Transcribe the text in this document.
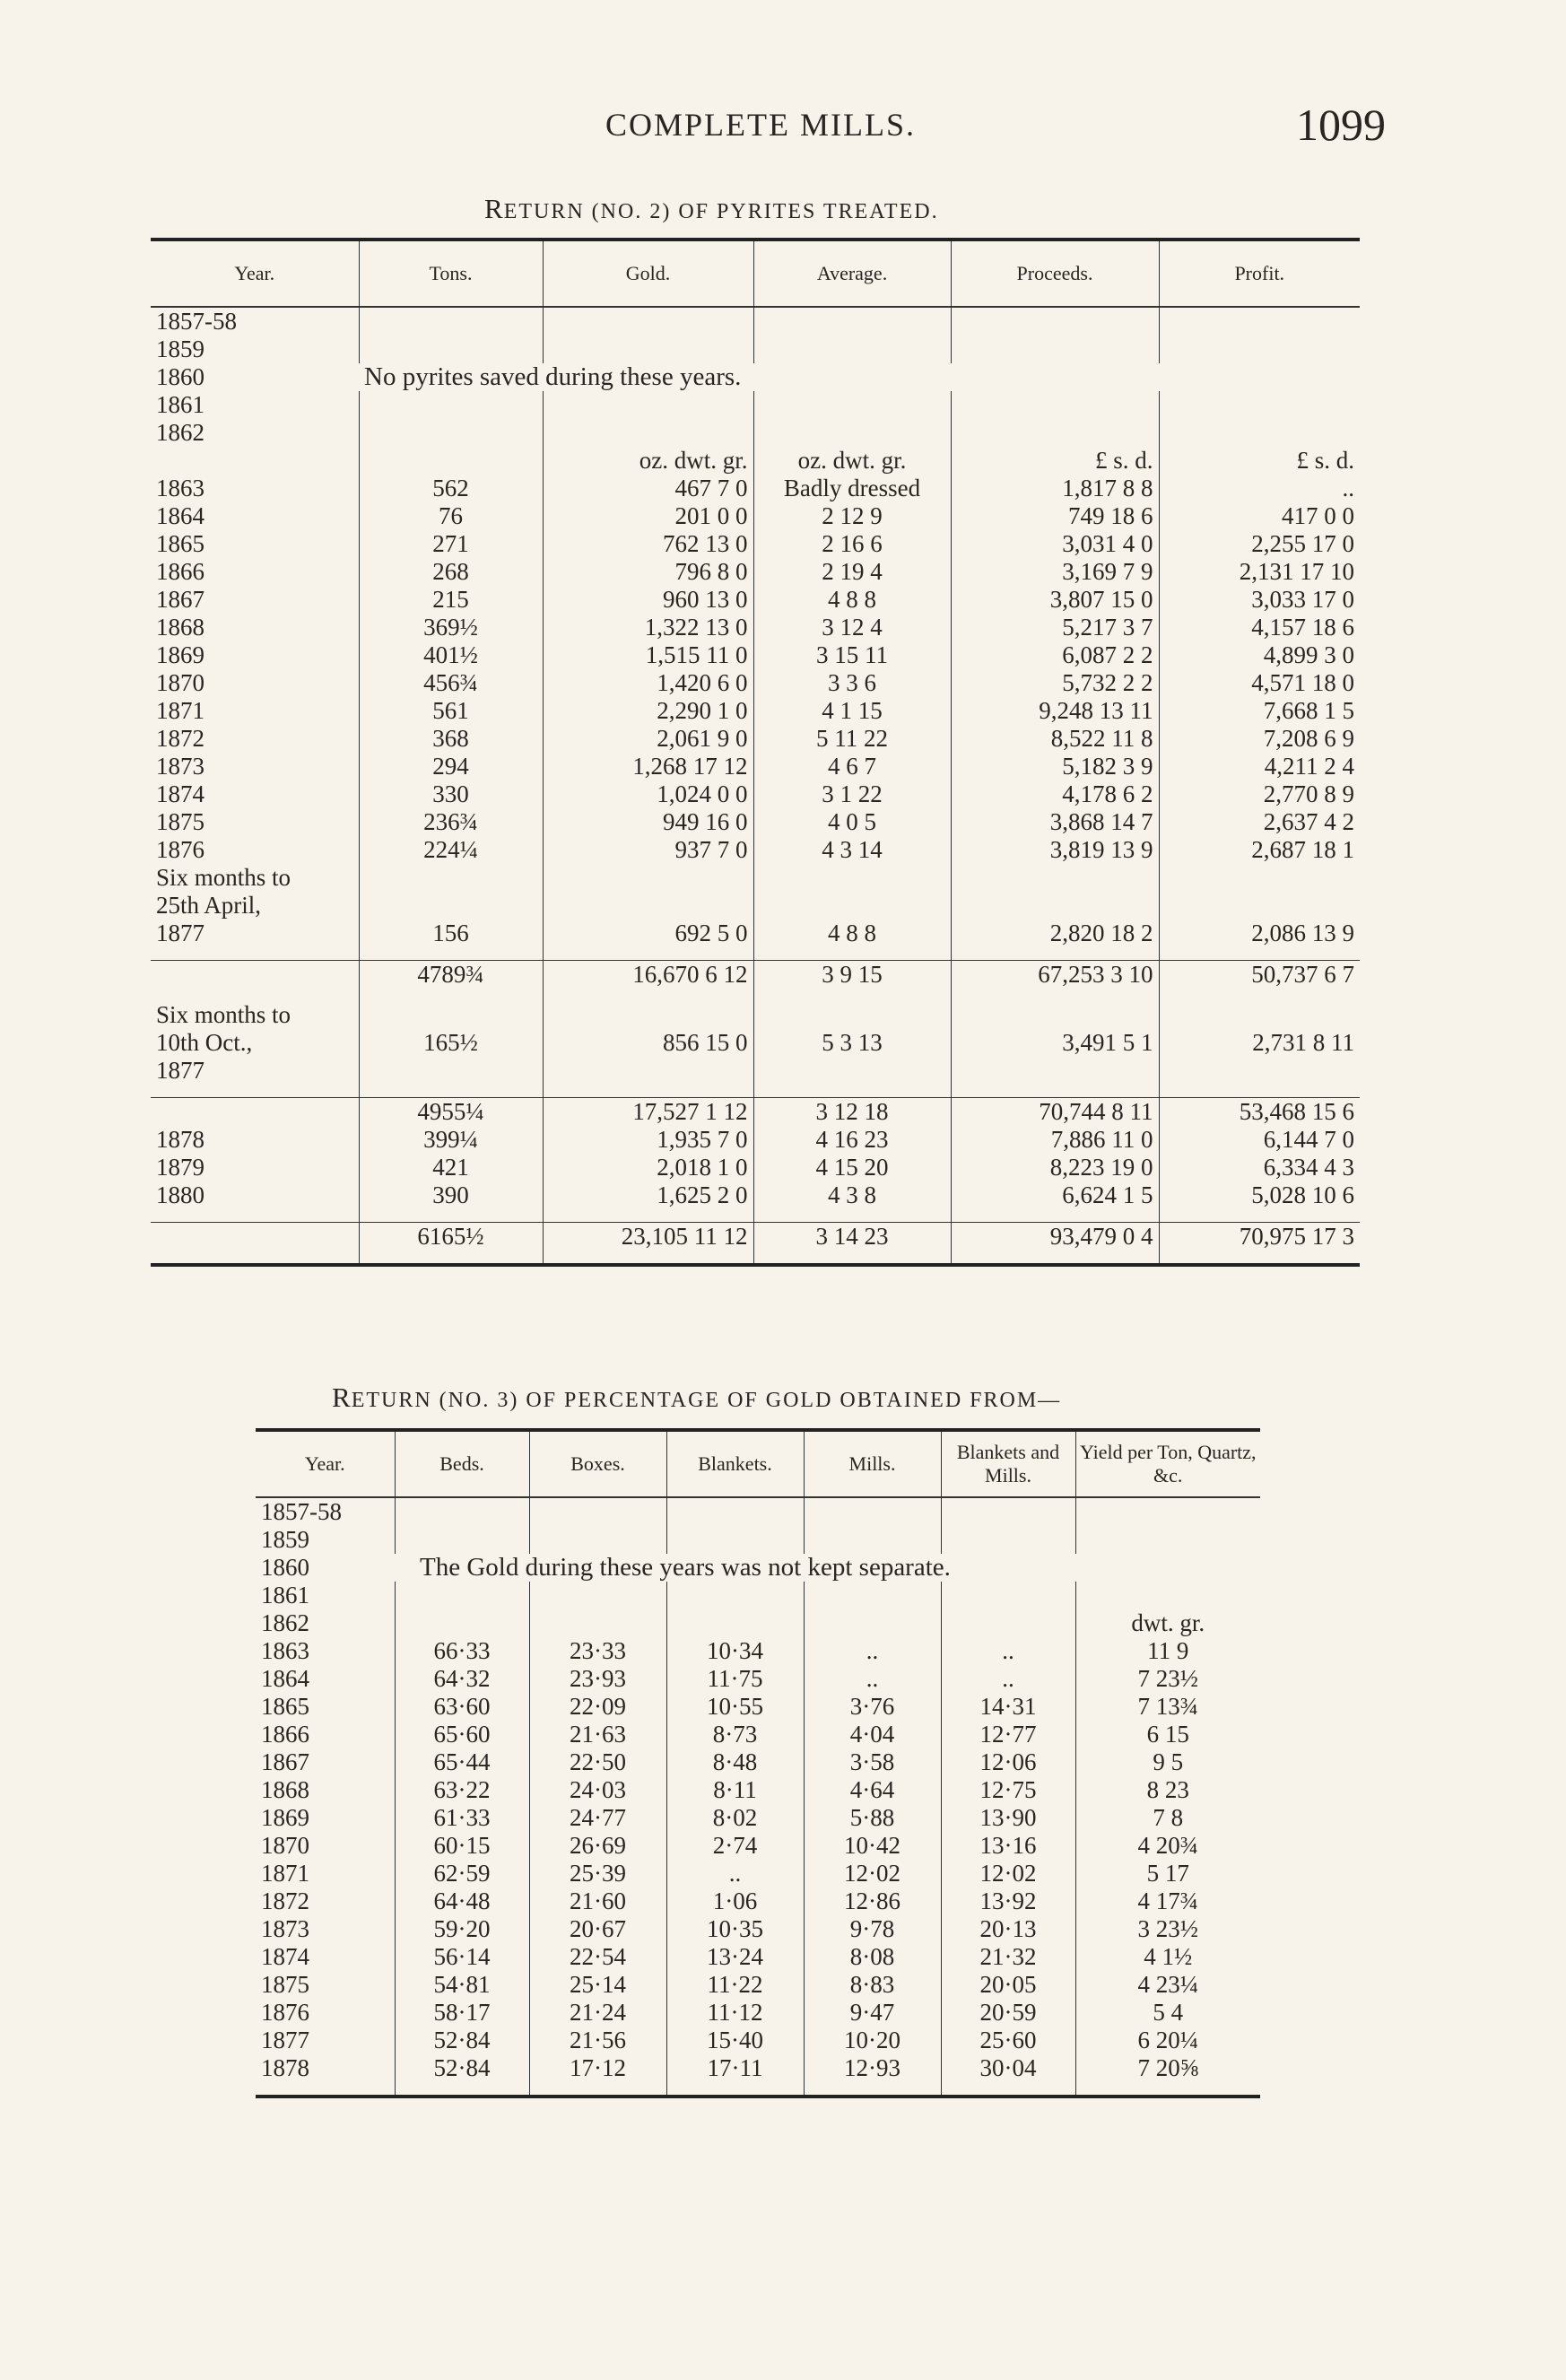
COMPLETE MILLS.	1099
RETURN (NO. 2) OF PYRITES TREATED.
Year.	Tons.	Gold.	Average.	Proceeds.	Profit.
1857-58					
1859					
1860	No pyrites saved during these years.				
1861					
1862					
		oz. dwt. gr.	oz. dwt. gr.	£ s. d.	£ s. d.
1863	562	467 7 0	Badly dressed	1,817 8 8	..
1864	76	201 0 0	2 12 9	749 18 6	417 0 0
1865	271	762 13 0	2 16 6	3,031 4 0	2,255 17 0
1866	268	796 8 0	2 19 4	3,169 7 9	2,131 17 10
1867	215	960 13 0	4 8 8	3,807 15 0	3,033 17 0
1868	369½	1,322 13 0	3 12 4	5,217 3 7	4,157 18 6
1869	401½	1,515 11 0	3 15 11	6,087 2 2	4,899 3 0
1870	456¾	1,420 6 0	3 3 6	5,732 2 2	4,571 18 0
1871	561	2,290 1 0	4 1 15	9,248 13 11	7,668 1 5
1872	368	2,061 9 0	5 11 22	8,522 11 8	7,208 6 9
1873	294	1,268 17 12	4 6 7	5,182 3 9	4,211 2 4
1874	330	1,024 0 0	3 1 22	4,178 6 2	2,770 8 9
1875	236¾	949 16 0	4 0 5	3,868 14 7	2,637 4 2
1876	224¼	937 7 0	4 3 14	3,819 13 9	2,687 18 1
Six months to					
25th April,					
1877	156	692 5 0	4 8 8	2,820 18 2	2,086 13 9

	4789¾	16,670 6 12	3 9 15	67,253 3 10	50,737 6 7

Six months to					
10th Oct.,	165½	856 15 0	5 3 13	3,491 5 1	2,731 8 11
1877					

	4955¼	17,527 1 12	3 12 18	70,744 8 11	53,468 15 6
1878	399¼	1,935 7 0	4 16 23	7,886 11 0	6,144 7 0
1879	421	2,018 1 0	4 15 20	8,223 19 0	6,334 4 3
1880	390	1,625 2 0	4 3 8	6,624 1 5	5,028 10 6

	6165½	23,105 11 12	3 14 23	93,479 0 4	70,975 17 3

RETURN (NO. 3) OF PERCENTAGE OF GOLD OBTAINED FROM—
Year.	Beds.	Boxes.	Blankets.	Mills.	Blankets and Mills.	Yield per Ton, Quartz, &c.
1857-58						
1859						
1860	The Gold during these years was not kept separate.					
1861						
1862						dwt. gr.
1863	66·33	23·33	10·34	..	..	11 9
1864	64·32	23·93	11·75	..	..	7 23½
1865	63·60	22·09	10·55	3·76	14·31	7 13¾
1866	65·60	21·63	8·73	4·04	12·77	6 15
1867	65·44	22·50	8·48	3·58	12·06	9 5
1868	63·22	24·03	8·11	4·64	12·75	8 23
1869	61·33	24·77	8·02	5·88	13·90	7 8
1870	60·15	26·69	2·74	10·42	13·16	4 20¾
1871	62·59	25·39	..	12·02	12·02	5 17
1872	64·48	21·60	1·06	12·86	13·92	4 17¾
1873	59·20	20·67	10·35	9·78	20·13	3 23½
1874	56·14	22·54	13·24	8·08	21·32	4 1½
1875	54·81	25·14	11·22	8·83	20·05	4 23¼
1876	58·17	21·24	11·12	9·47	20·59	5 4
1877	52·84	21·56	15·40	10·20	25·60	6 20¼
1878	52·84	17·12	17·11	12·93	30·04	7 20⅝
